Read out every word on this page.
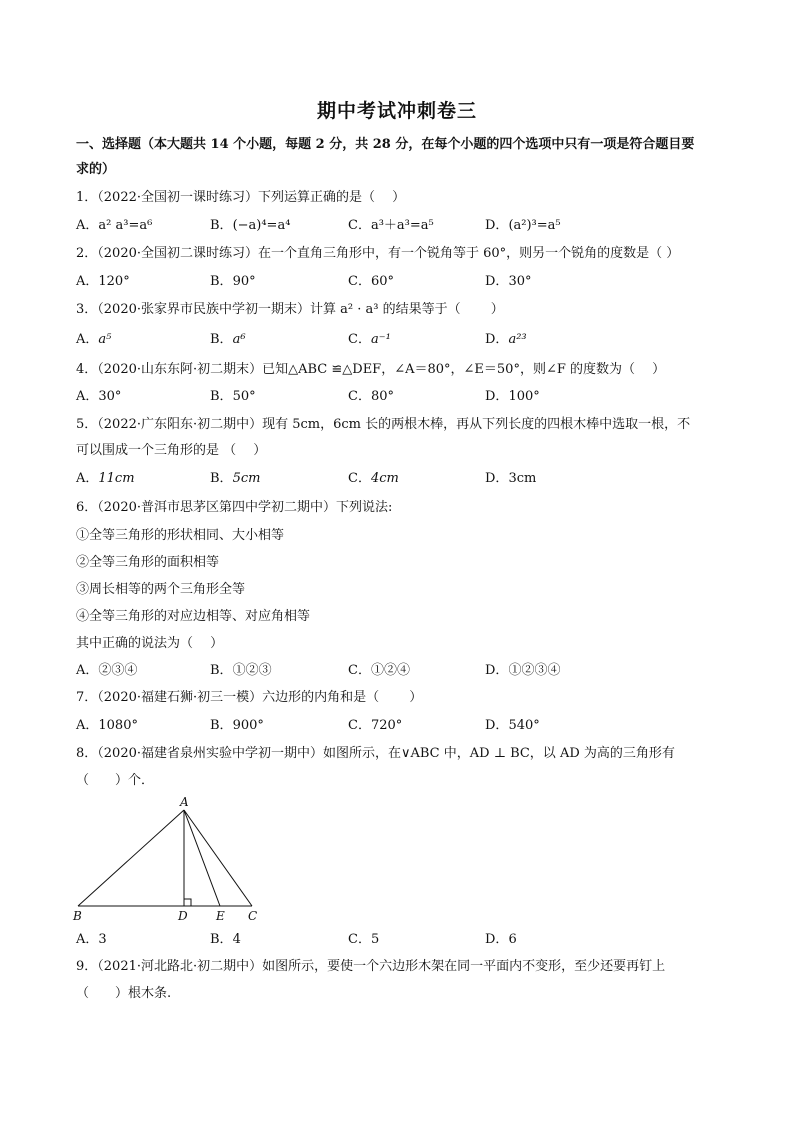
期中考试冲刺卷三
一、选择题（本大题共 14 个小题，每题 2 分，共 28 分，在每个小题的四个选项中只有一项是符合题目要
求的）
1．（2022·全国初一课时练习）下列运算正确的是（　 ）
A．a² a³=a⁶	B．(−a)⁴=a⁴	C．a³＋a³=a⁵	D．(a²)³=a⁵
2．（2020·全国初二课时练习）在一个直角三角形中，有一个锐角等于 60°，则另一个锐角的度数是（ ）
A．120°	B．90°	C．60°	D．30°
3．（2020·张家界市民族中学初一期末）计算 a² · a³ 的结果等于（　　 ）
A．a⁵	B．a⁶	C．a⁻¹	D．a²³
4．（2020·山东东阿·初二期末）已知△ABC ≌△DEF，∠A＝80°，∠E＝50°，则∠F 的度数为（　 ）
A．30°	B．50°	C．80°	D．100°
5．（2022·广东阳东·初二期中）现有 5cm，6cm 长的两根木棒，再从下列长度的四根木棒中选取一根，不
可以围成一个三角形的是 （　 ）
A．11cm	B．5cm	C．4cm	D．3cm
6．（2020·普洱市思茅区第四中学初二期中）下列说法:
①全等三角形的形状相同、大小相等
②全等三角形的面积相等
③周长相等的两个三角形全等
④全等三角形的对应边相等、对应角相等
其中正确的说法为（ 　）
A．②③④	B．①②③	C．①②④	D．①②③④
7．（2020·福建石狮·初三一模）六边形的内角和是（　　 ）
A．1080°	B．900°	C．720°	D．540°
8．（2020·福建省泉州实验中学初一期中）如图所示，在∨ABC 中，AD ⊥ BC，以 AD 为高的三角形有
（　　）个．
A
B	D E C
A．3	B．4	C．5	D．6
9．（2021·河北路北·初二期中）如图所示，要使一个六边形木架在同一平面内不变形，至少还要再钉上
（　　）根木条.
